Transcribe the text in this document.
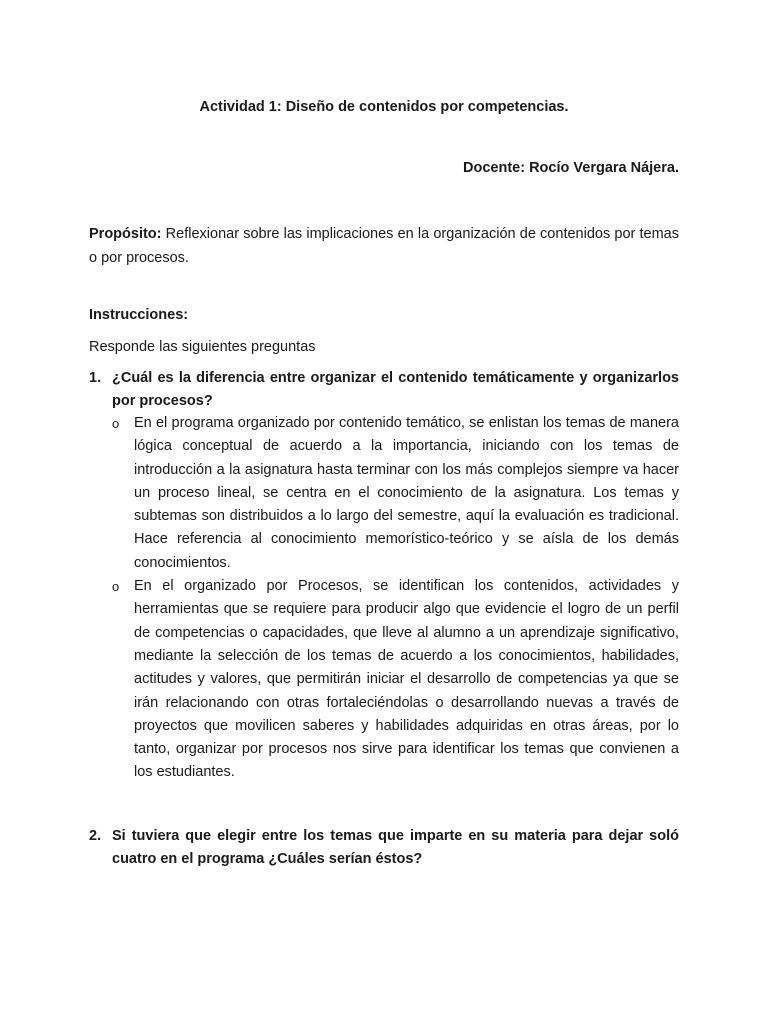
Actividad 1: Diseño de contenidos por competencias.

Docente: Rocío Vergara Nájera.

Propósito: Reflexionar sobre las implicaciones en la organización de contenidos por temas o por procesos.

Instrucciones:

Responde las siguientes preguntas

1. ¿Cuál es la diferencia entre organizar el contenido temáticamente y organizarlos por procesos?
o En el programa organizado por contenido temático, se enlistan los temas de manera lógica conceptual de acuerdo a la importancia, iniciando con los temas de introducción a la asignatura hasta terminar con los más complejos siempre va hacer un proceso lineal, se centra en el conocimiento de la asignatura. Los temas y subtemas son distribuidos a lo largo del semestre, aquí la evaluación es tradicional. Hace referencia al conocimiento memorístico-teórico y se aísla de los demás conocimientos.
o En el organizado por Procesos, se identifican los contenidos, actividades y herramientas que se requiere para producir algo que evidencie el logro de un perfil de competencias o capacidades, que lleve al alumno a un aprendizaje significativo, mediante la selección de los temas de acuerdo a los conocimientos, habilidades, actitudes y valores, que permitirán iniciar el desarrollo de competencias ya que se irán relacionando con otras fortaleciéndolas o desarrollando nuevas a través de proyectos que movilicen saberes y habilidades adquiridas en otras áreas, por lo tanto, organizar por procesos nos sirve para identificar los temas que convienen a los estudiantes.
2. Si tuviera que elegir entre los temas que imparte en su materia para dejar soló cuatro en el programa ¿Cuáles serían éstos?
